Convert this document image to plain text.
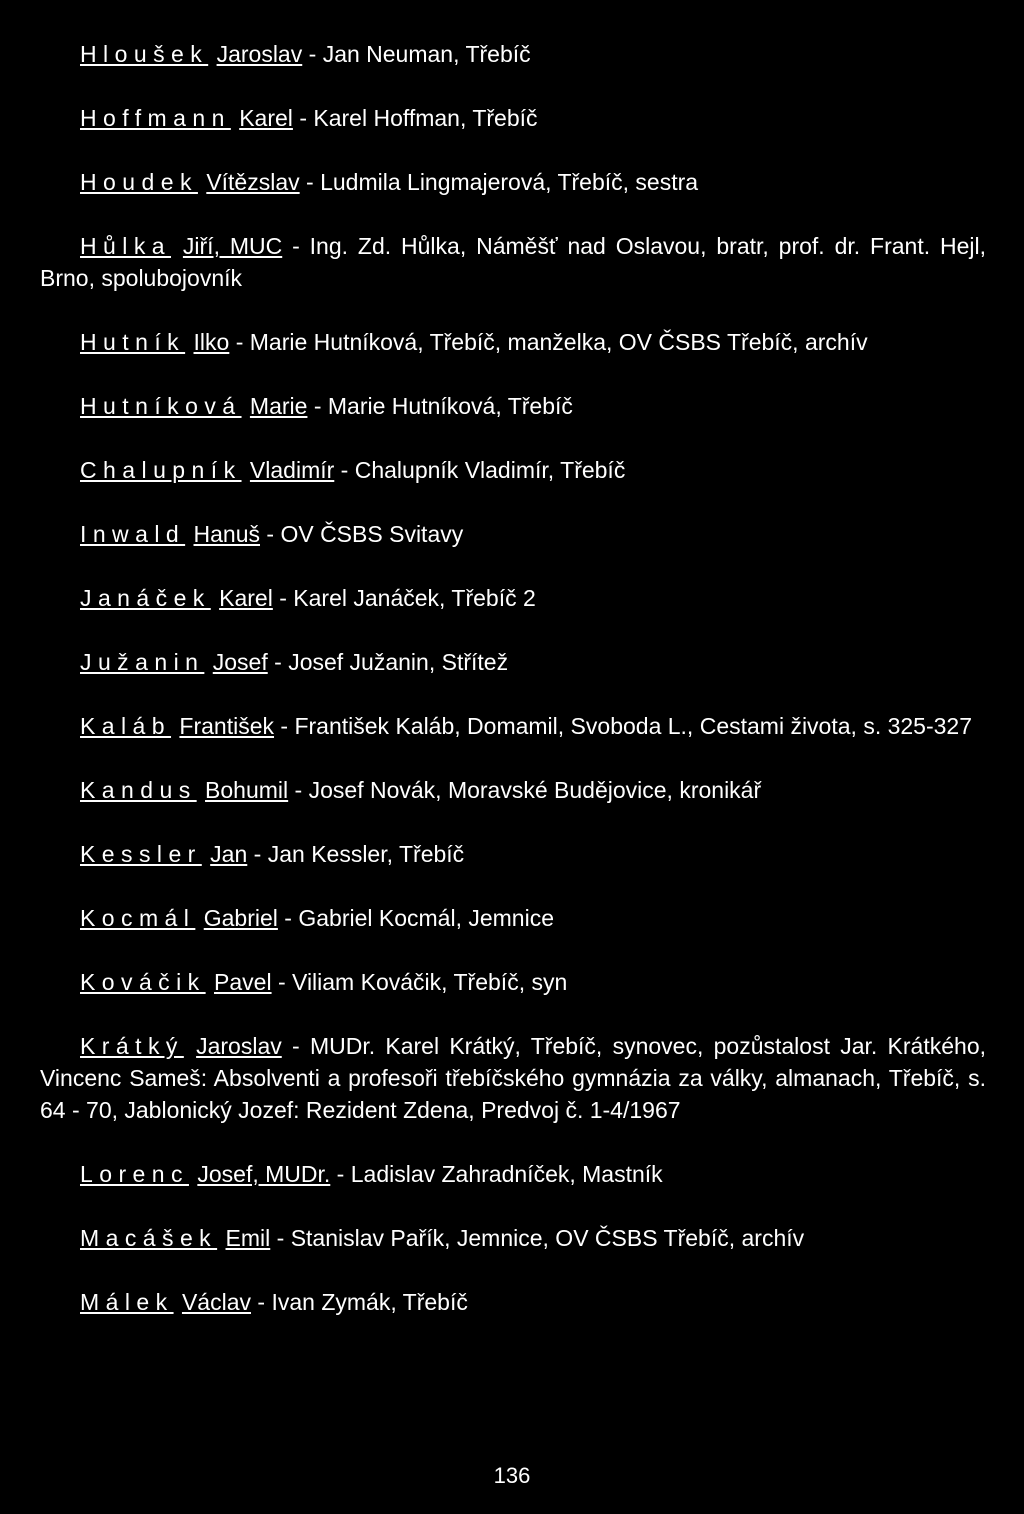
Hloušek Jaroslav - Jan Neuman, Třebíč

Hoffmann Karel - Karel Hoffman, Třebíč

Houdek Vítězslav - Ludmila Lingmajerová, Třebíč, sestra

Hůlka Jiří, MUC - Ing. Zd. Hůlka, Náměšť nad Oslavou, bratr, prof. dr. Frant. Hejl, Brno, spolubojovník

Hutník Ilko - Marie Hutníková, Třebíč, manželka, OV ČSBS Třebíč, archív

Hutníková Marie - Marie Hutníková, Třebíč

Chalupník Vladimír - Chalupník Vladimír, Třebíč

Inwald Hanuš - OV ČSBS Svitavy

Janáček Karel - Karel Janáček, Třebíč 2

Južanin Josef - Josef Južanin, Střítež

Kaláb František - František Kaláb, Domamil, Svoboda L., Cestami života, s. 325-327

Kandus Bohumil - Josef Novák, Moravské Budějovice, kronikář

Kessler Jan - Jan Kessler, Třebíč

Kocmál Gabriel - Gabriel Kocmál, Jemnice

Kováčik Pavel - Viliam Kováčik, Třebíč, syn

Krátký Jaroslav - MUDr. Karel Krátký, Třebíč, synovec, pozůstalost Jar. Krátkého, Vincenc Sameš: Absolventi a profesoři třebíčského gymnázia za války, almanach, Třebíč, s. 64 - 70, Jablonický Jozef: Rezident Zdena, Predvoj č. 1-4/1967

Lorenc Josef, MUDr. - Ladislav Zahradníček, Mastník

Macášek Emil - Stanislav Pařík, Jemnice, OV ČSBS Třebíč, archív

Málek Václav - Ivan Zymák, Třebíč

136
